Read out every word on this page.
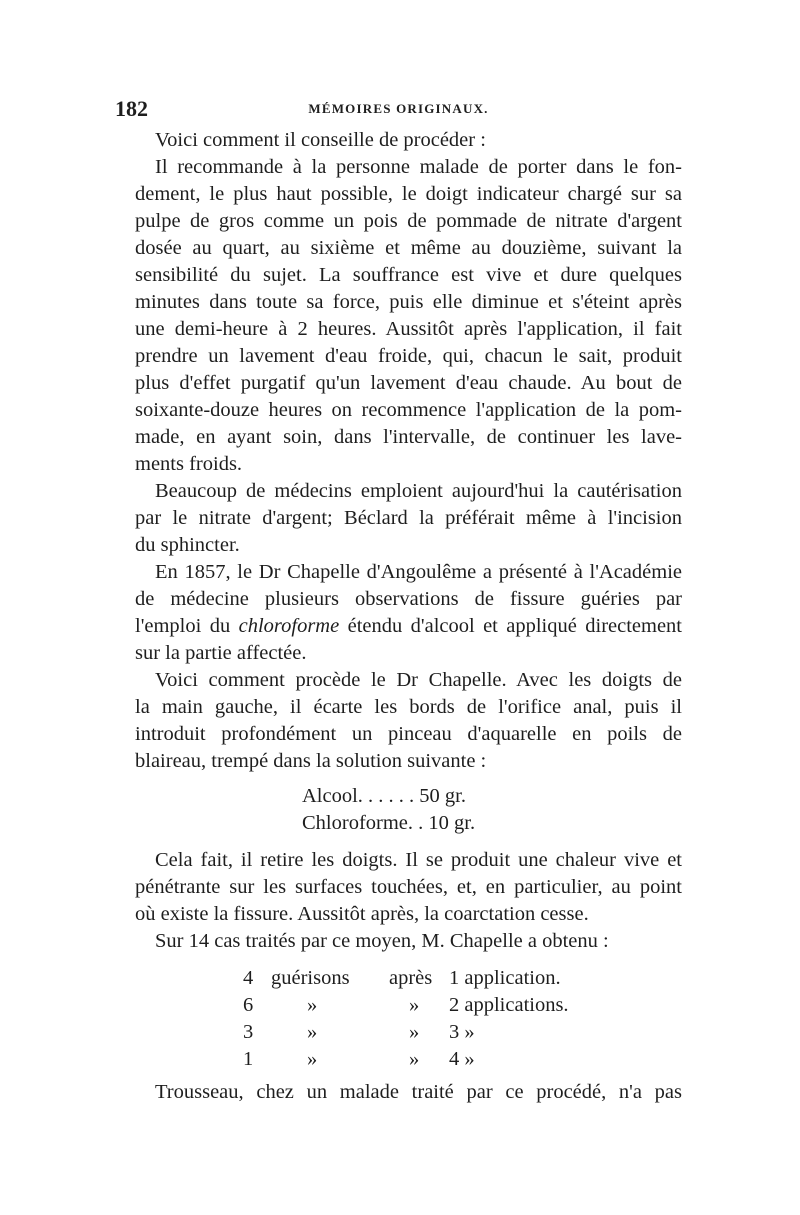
182	MÉMOIRES ORIGINAUX.
Voici comment il conseille de procéder :
Il recommande à la personne malade de porter dans le fon-
dement, le plus haut possible, le doigt indicateur chargé sur sa
pulpe de gros comme un pois de pommade de nitrate d'argent
dosée au quart, au sixième et même au douzième, suivant la
sensibilité du sujet. La souffrance est vive et dure quelques
minutes dans toute sa force, puis elle diminue et s'éteint après
une demi-heure à 2 heures. Aussitôt après l'application, il fait
prendre un lavement d'eau froide, qui, chacun le sait, produit
plus d'effet purgatif qu'un lavement d'eau chaude. Au bout de
soixante-douze heures on recommence l'application de la pom-
made, en ayant soin, dans l'intervalle, de continuer les lave-
ments froids.
Beaucoup de médecins emploient aujourd'hui la cautérisation
par le nitrate d'argent; Béclard la préférait même à l'incision
du sphincter.
En 1857, le Dr Chapelle d'Angoulême a présenté à l'Académie
de médecine plusieurs observations de fissure guéries par
l'emploi du chloroforme étendu d'alcool et appliqué directement
sur la partie affectée.
Voici comment procède le Dr Chapelle. Avec les doigts de
la main gauche, il écarte les bords de l'orifice anal, puis il
introduit profondément un pinceau d'aquarelle en poils de
blaireau, trempé dans la solution suivante :
Alcool. . . . . . 50 gr.
Chloroforme. . 10 gr.
Cela fait, il retire les doigts. Il se produit une chaleur vive et
pénétrante sur les surfaces touchées, et, en particulier, au point
où existe la fissure. Aussitôt après, la coarctation cesse.
Sur 14 cas traités par ce moyen, M. Chapelle a obtenu :
4 guérisons	après 1 application.
6	»	»	2 applications.
3	»	»	3 »
1	»	»	4 »
Trousseau, chez un malade traité par ce procédé, n'a pas
